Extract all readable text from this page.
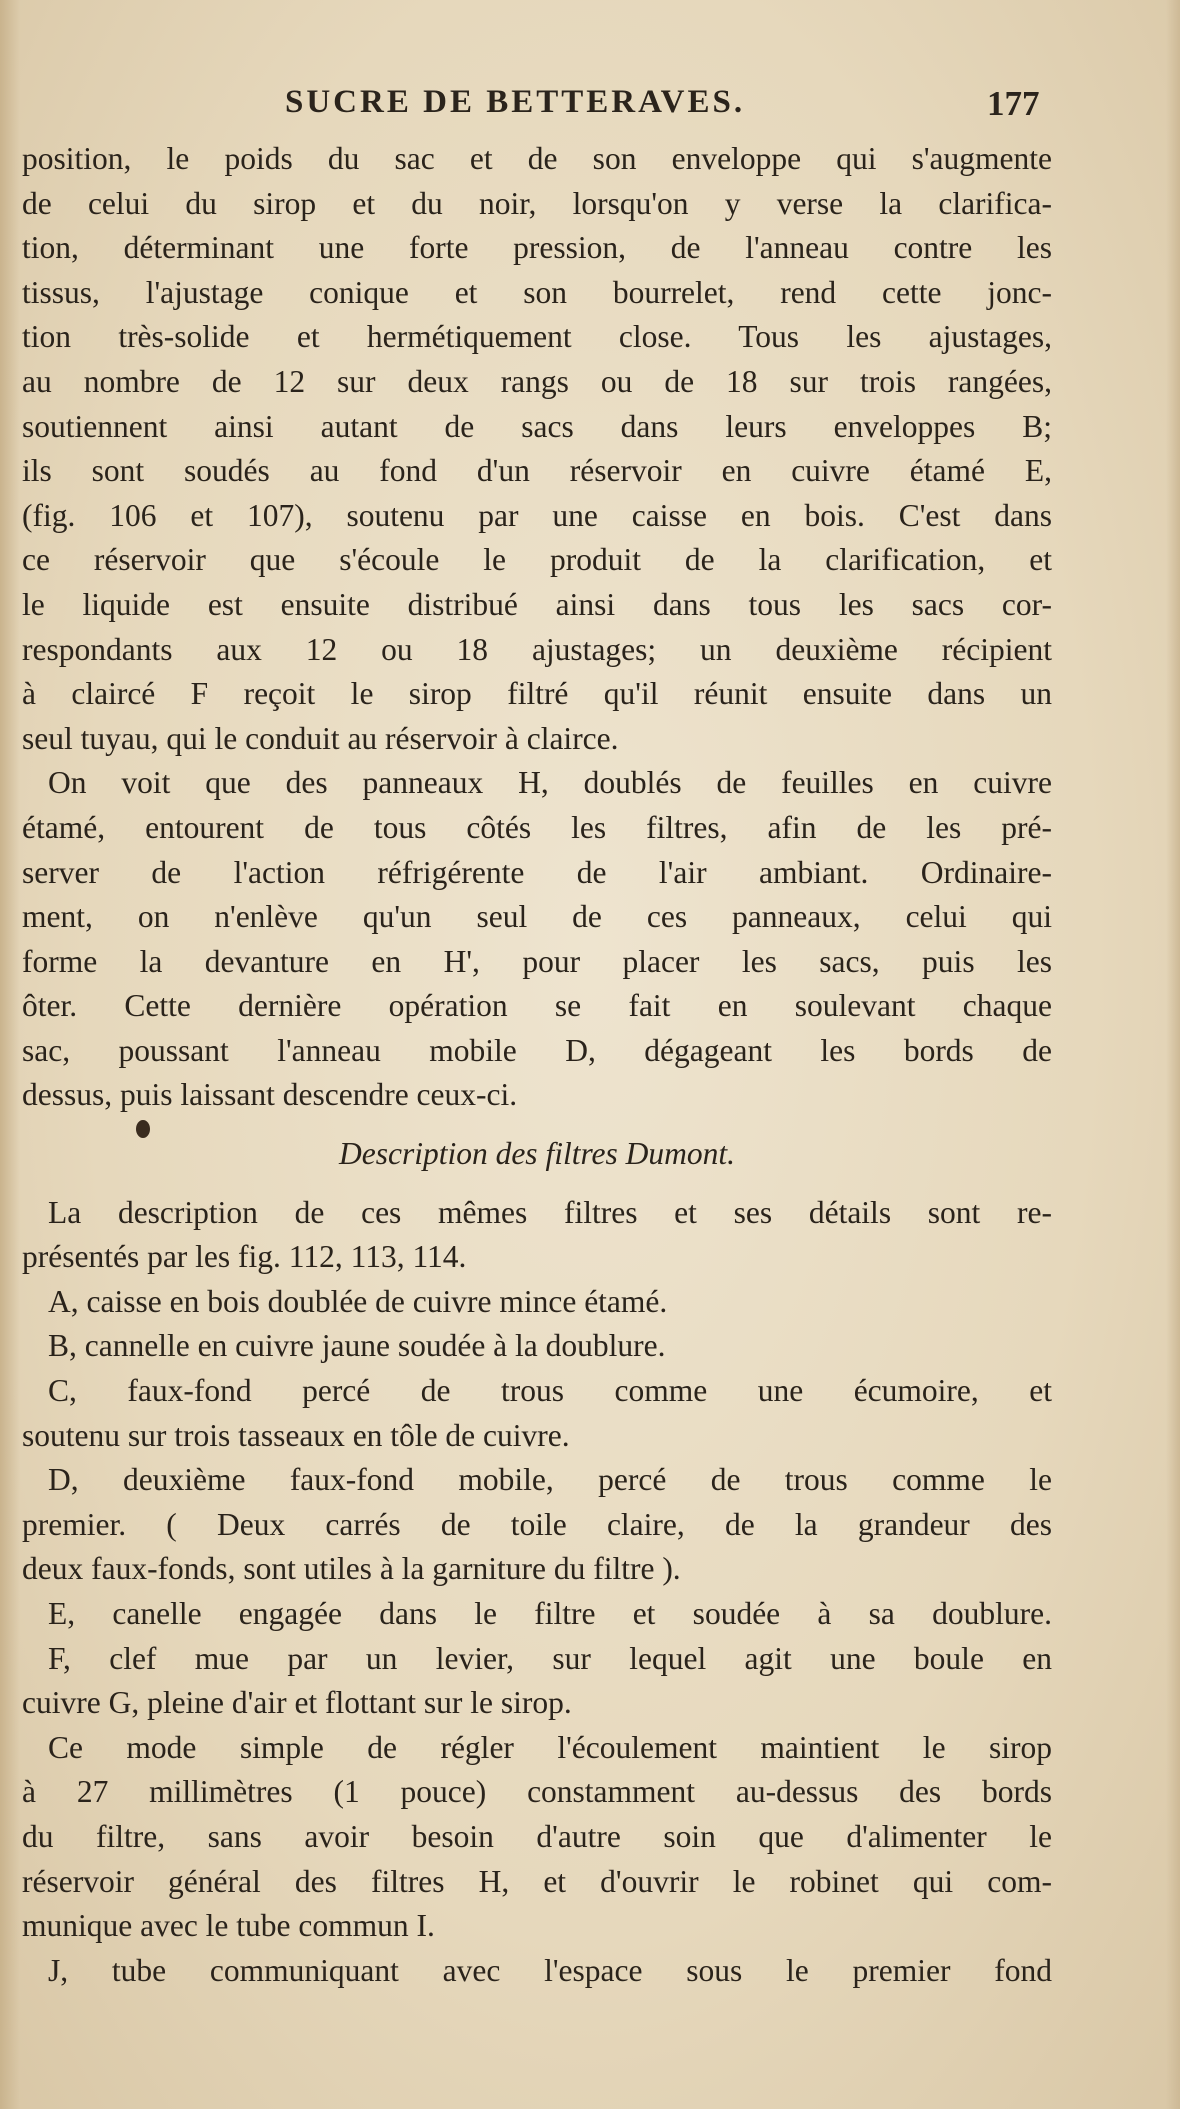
SUCRE DE BETTERAVES.	177
position, le poids du sac et de son enveloppe qui s'augmente
de celui du sirop et du noir, lorsqu'on y verse la clarifica-
tion, déterminant une forte pression, de l'anneau contre les
tissus, l'ajustage conique et son bourrelet, rend cette jonc-
tion très-solide et hermétiquement close. Tous les ajustages,
au nombre de 12 sur deux rangs ou de 18 sur trois rangées,
soutiennent ainsi autant de sacs dans leurs enveloppes B;
ils sont soudés au fond d'un réservoir en cuivre étamé E,
(fig. 106 et 107), soutenu par une caisse en bois. C'est dans
ce réservoir que s'écoule le produit de la clarification, et
le liquide est ensuite distribué ainsi dans tous les sacs cor-
respondants aux 12 ou 18 ajustages; un deuxième récipient
à claircé F reçoit le sirop filtré qu'il réunit ensuite dans un
seul tuyau, qui le conduit au réservoir à clairce.
On voit que des panneaux H, doublés de feuilles en cuivre
étamé, entourent de tous côtés les filtres, afin de les pré-
server de l'action réfrigérente de l'air ambiant. Ordinaire-
ment, on n'enlève qu'un seul de ces panneaux, celui qui
forme la devanture en H', pour placer les sacs, puis les
ôter. Cette dernière opération se fait en soulevant chaque
sac, poussant l'anneau mobile D, dégageant les bords de
dessus, puis laissant descendre ceux-ci.
Description des filtres Dumont.
La description de ces mêmes filtres et ses détails sont re-
présentés par les fig. 112, 113, 114.
A, caisse en bois doublée de cuivre mince étamé.
B, cannelle en cuivre jaune soudée à la doublure.
C, faux-fond percé de trous comme une écumoire, et
soutenu sur trois tasseaux en tôle de cuivre.
D, deuxième faux-fond mobile, percé de trous comme le
premier. ( Deux carrés de toile claire, de la grandeur des
deux faux-fonds, sont utiles à la garniture du filtre ).
E, canelle engagée dans le filtre et soudée à sa doublure.
F, clef mue par un levier, sur lequel agit une boule en
cuivre G, pleine d'air et flottant sur le sirop.
Ce mode simple de régler l'écoulement maintient le sirop
à 27 millimètres (1 pouce) constamment au-dessus des bords
du filtre, sans avoir besoin d'autre soin que d'alimenter le
réservoir général des filtres H, et d'ouvrir le robinet qui com-
munique avec le tube commun I.
J, tube communiquant avec l'espace sous le premier fond
